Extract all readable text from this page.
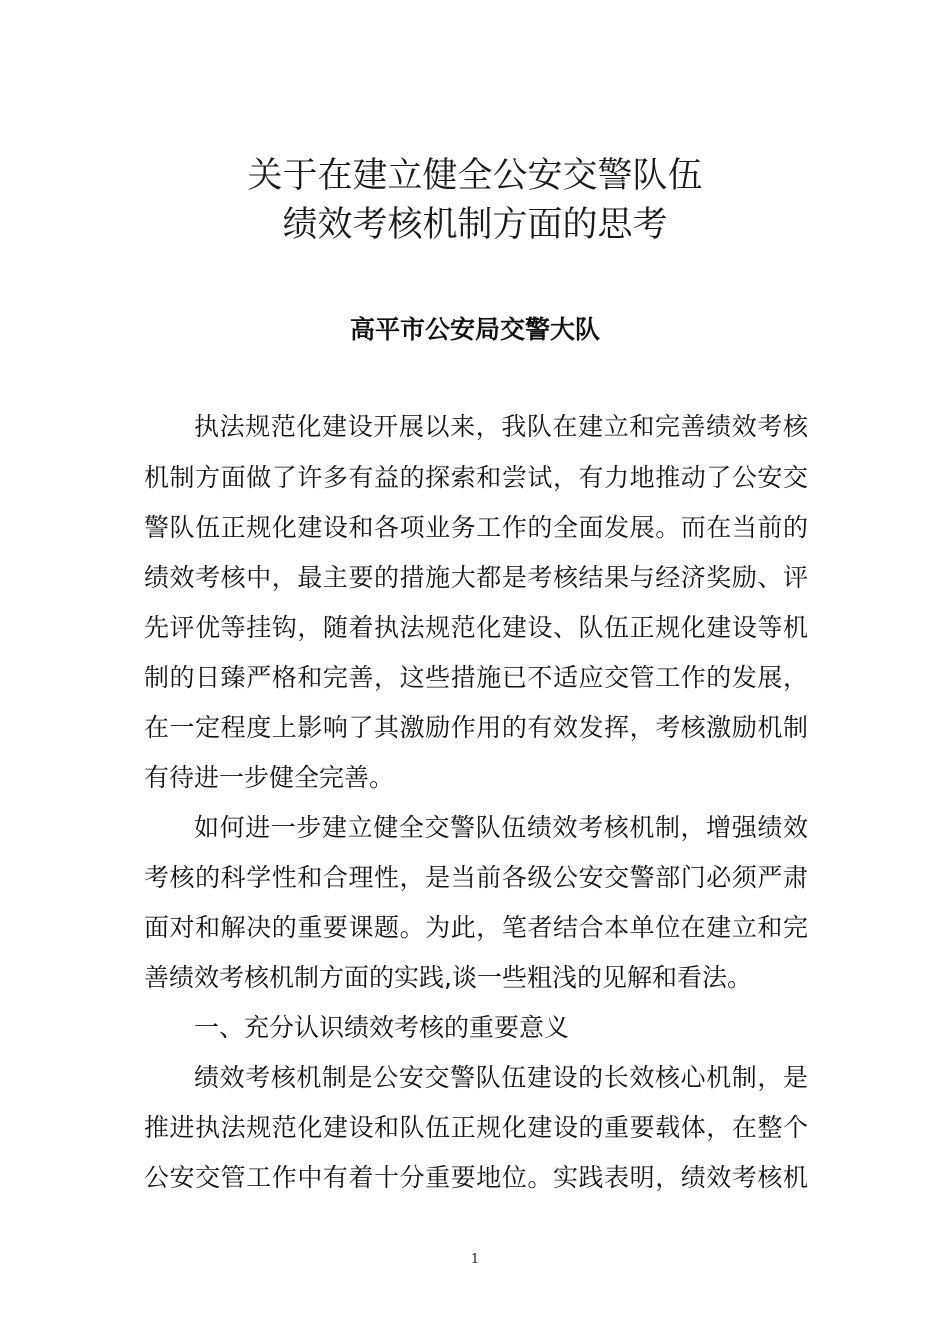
关于在建立健全公安交警队伍
绩效考核机制方面的思考
高平市公安局交警大队
执法规范化建设开展以来，我队在建立和完善绩效考核
机制方面做了许多有益的探索和尝试，有力地推动了公安交
警队伍正规化建设和各项业务工作的全面发展。而在当前的
绩效考核中，最主要的措施大都是考核结果与经济奖励、评
先评优等挂钩，随着执法规范化建设、队伍正规化建设等机
制的日臻严格和完善，这些措施已不适应交管工作的发展，
在一定程度上影响了其激励作用的有效发挥，考核激励机制
有待进一步健全完善。
如何进一步建立健全交警队伍绩效考核机制，增强绩效
考核的科学性和合理性，是当前各级公安交警部门必须严肃
面对和解决的重要课题。为此，笔者结合本单位在建立和完
善绩效考核机制方面的实践,谈一些粗浅的见解和看法。
一、充分认识绩效考核的重要意义
绩效考核机制是公安交警队伍建设的长效核心机制，是
推进执法规范化建设和队伍正规化建设的重要载体，在整个
公安交管工作中有着十分重要地位。实践表明，绩效考核机
1
